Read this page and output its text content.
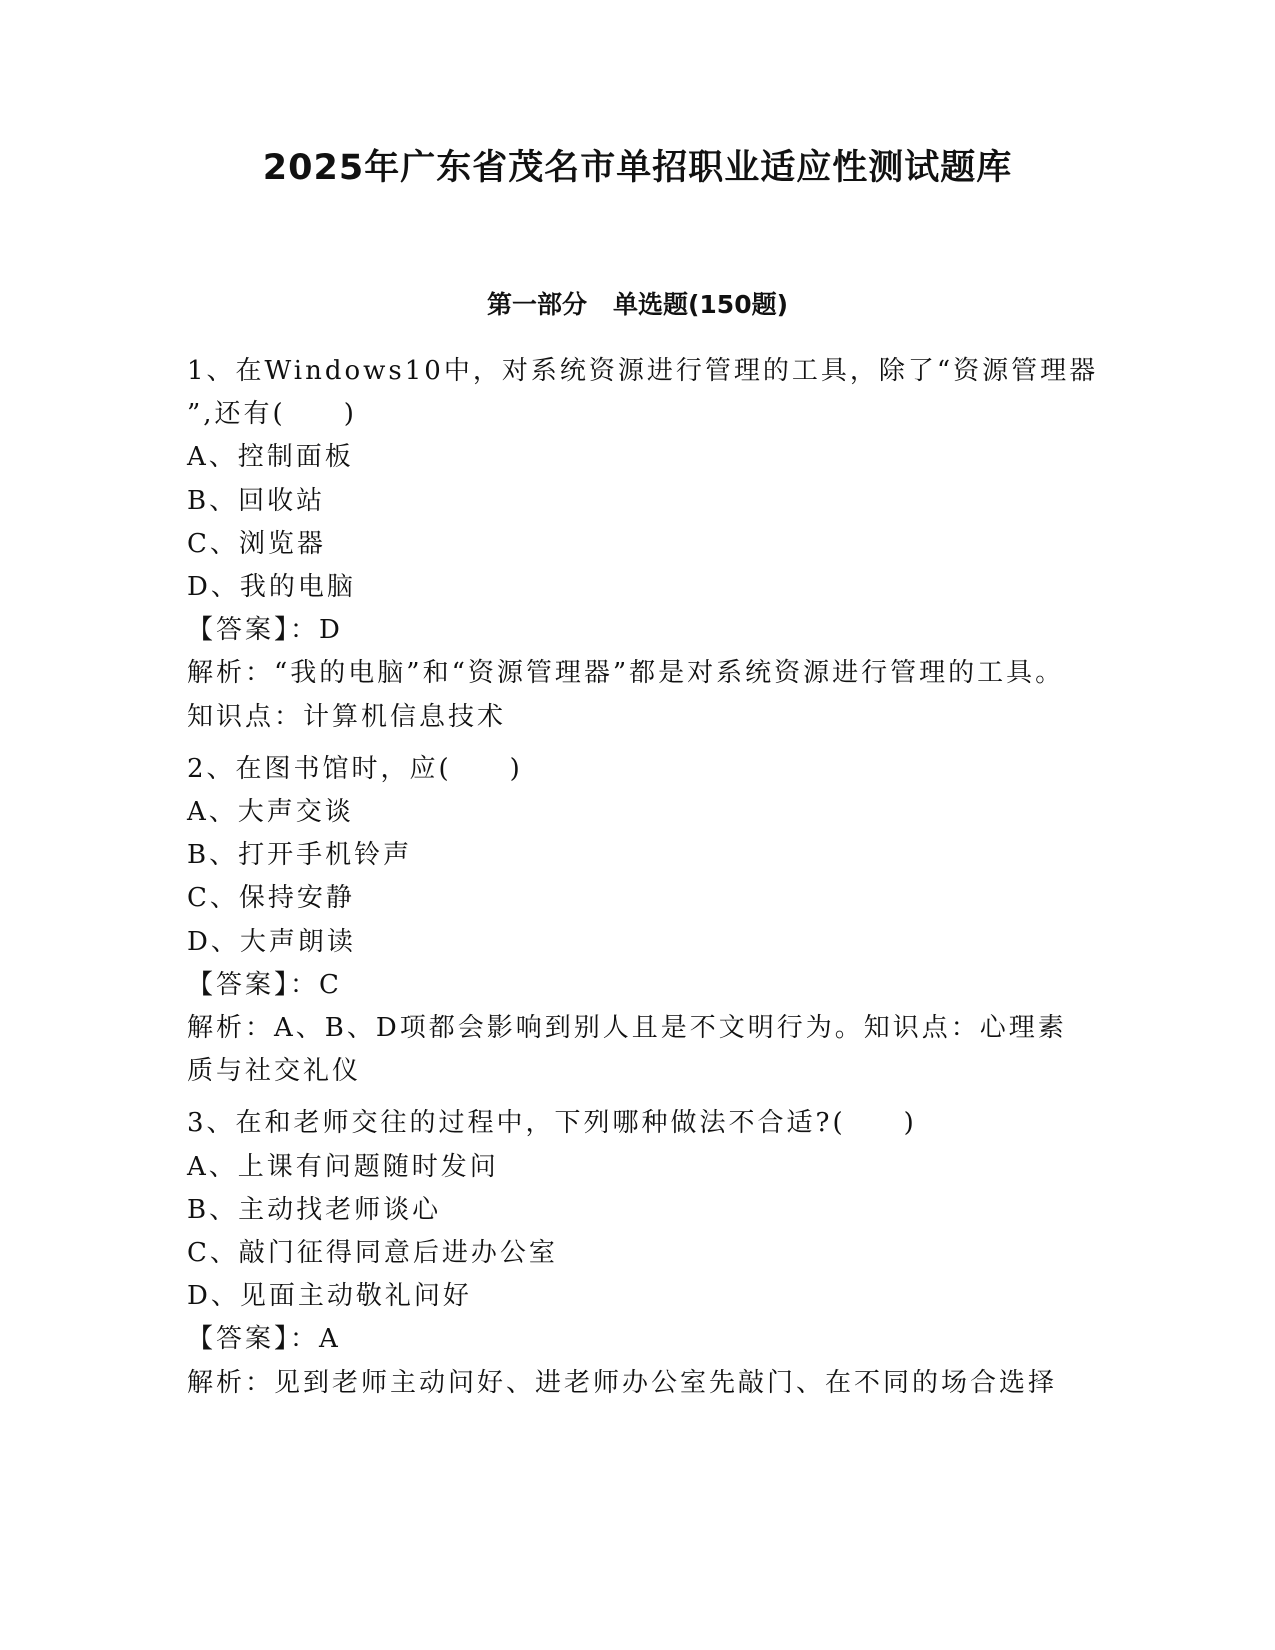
2025年广东省茂名市单招职业适应性测试题库
第一部分 单选题(150题)
1、在Windows10中，对系统资源进行管理的工具，除了“资源管理器
”,还有(　　)
A、控制面板
B、回收站
C、浏览器
D、我的电脑
【答案】：D
解析：“我的电脑”和“资源管理器”都是对系统资源进行管理的工具。知识点：计算机信息技术
2、在图书馆时，应(　　)
A、大声交谈
B、打开手机铃声
C、保持安静
D、大声朗读
【答案】：C
解析：A、B、D项都会影响到别人且是不文明行为。知识点：心理素质与社交礼仪
3、在和老师交往的过程中，下列哪种做法不合适?(　　)
A、上课有问题随时发问
B、主动找老师谈心
C、敲门征得同意后进办公室
D、见面主动敬礼问好
【答案】：A
解析：见到老师主动问好、进老师办公室先敲门、在不同的场合选择
